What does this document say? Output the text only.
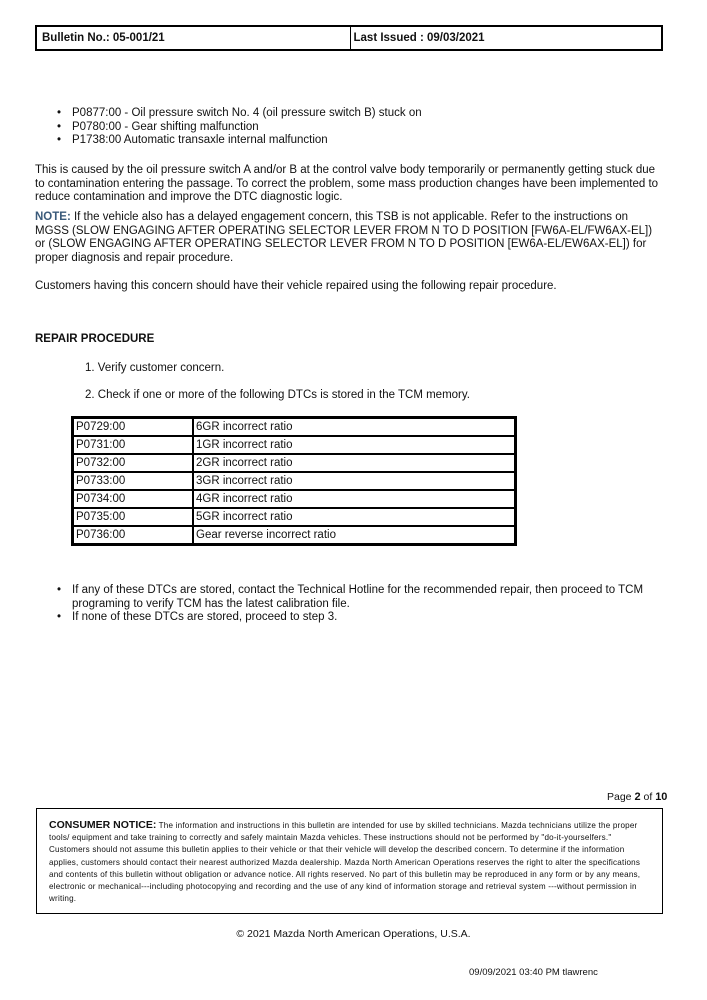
Bulletin No.: 05-001/21	Last Issued : 09/03/2021
• P0877:00 - Oil pressure switch No. 4 (oil pressure switch B) stuck on
• P0780:00 - Gear shifting malfunction
• P1738:00 Automatic transaxle internal malfunction

This is caused by the oil pressure switch A and/or B at the control valve body temporarily or permanently getting stuck due to contamination entering the passage. To correct the problem, some mass production changes have been implemented to reduce contamination and improve the DTC diagnostic logic.

NOTE: If the vehicle also has a delayed engagement concern, this TSB is not applicable. Refer to the instructions on MGSS (SLOW ENGAGING AFTER OPERATING SELECTOR LEVER FROM N TO D POSITION [FW6A-EL/FW6AX-EL]) or (SLOW ENGAGING AFTER OPERATING SELECTOR LEVER FROM N TO D POSITION [EW6A-EL/EW6AX-EL]) for proper diagnosis and repair procedure.

Customers having this concern should have their vehicle repaired using the following repair procedure.

REPAIR PROCEDURE

1. Verify customer concern.

2. Check if one or more of the following DTCs is stored in the TCM memory.

P0729:00	6GR incorrect ratio
P0731:00	1GR incorrect ratio
P0732:00	2GR incorrect ratio
P0733:00	3GR incorrect ratio
P0734:00	4GR incorrect ratio
P0735:00	5GR incorrect ratio
P0736:00	Gear reverse incorrect ratio
• If any of these DTCs are stored, contact the Technical Hotline for the recommended repair, then proceed to TCM programing to verify TCM has the latest calibration file.
• If none of these DTCs are stored, proceed to step 3.
Page 2 of 10
CONSUMER NOTICE: The information and instructions in this bulletin are intended for use by skilled technicians. Mazda technicians utilize the proper tools/ equipment and take training to correctly and safely maintain Mazda vehicles. These instructions should not be performed by "do-it-yourselfers." Customers should not assume this bulletin applies to their vehicle or that their vehicle will develop the described concern. To determine if the information applies, customers should contact their nearest authorized Mazda dealership. Mazda North American Operations reserves the right to alter the specifications and contents of this bulletin without obligation or advance notice. All rights reserved. No part of this bulletin may be reproduced in any form or by any means, electronic or mechanical---including photocopying and recording and the use of any kind of information storage and retrieval system ---without permission in writing.
© 2021 Mazda North American Operations, U.S.A.
09/09/2021 03:40 PM tlawrenc
